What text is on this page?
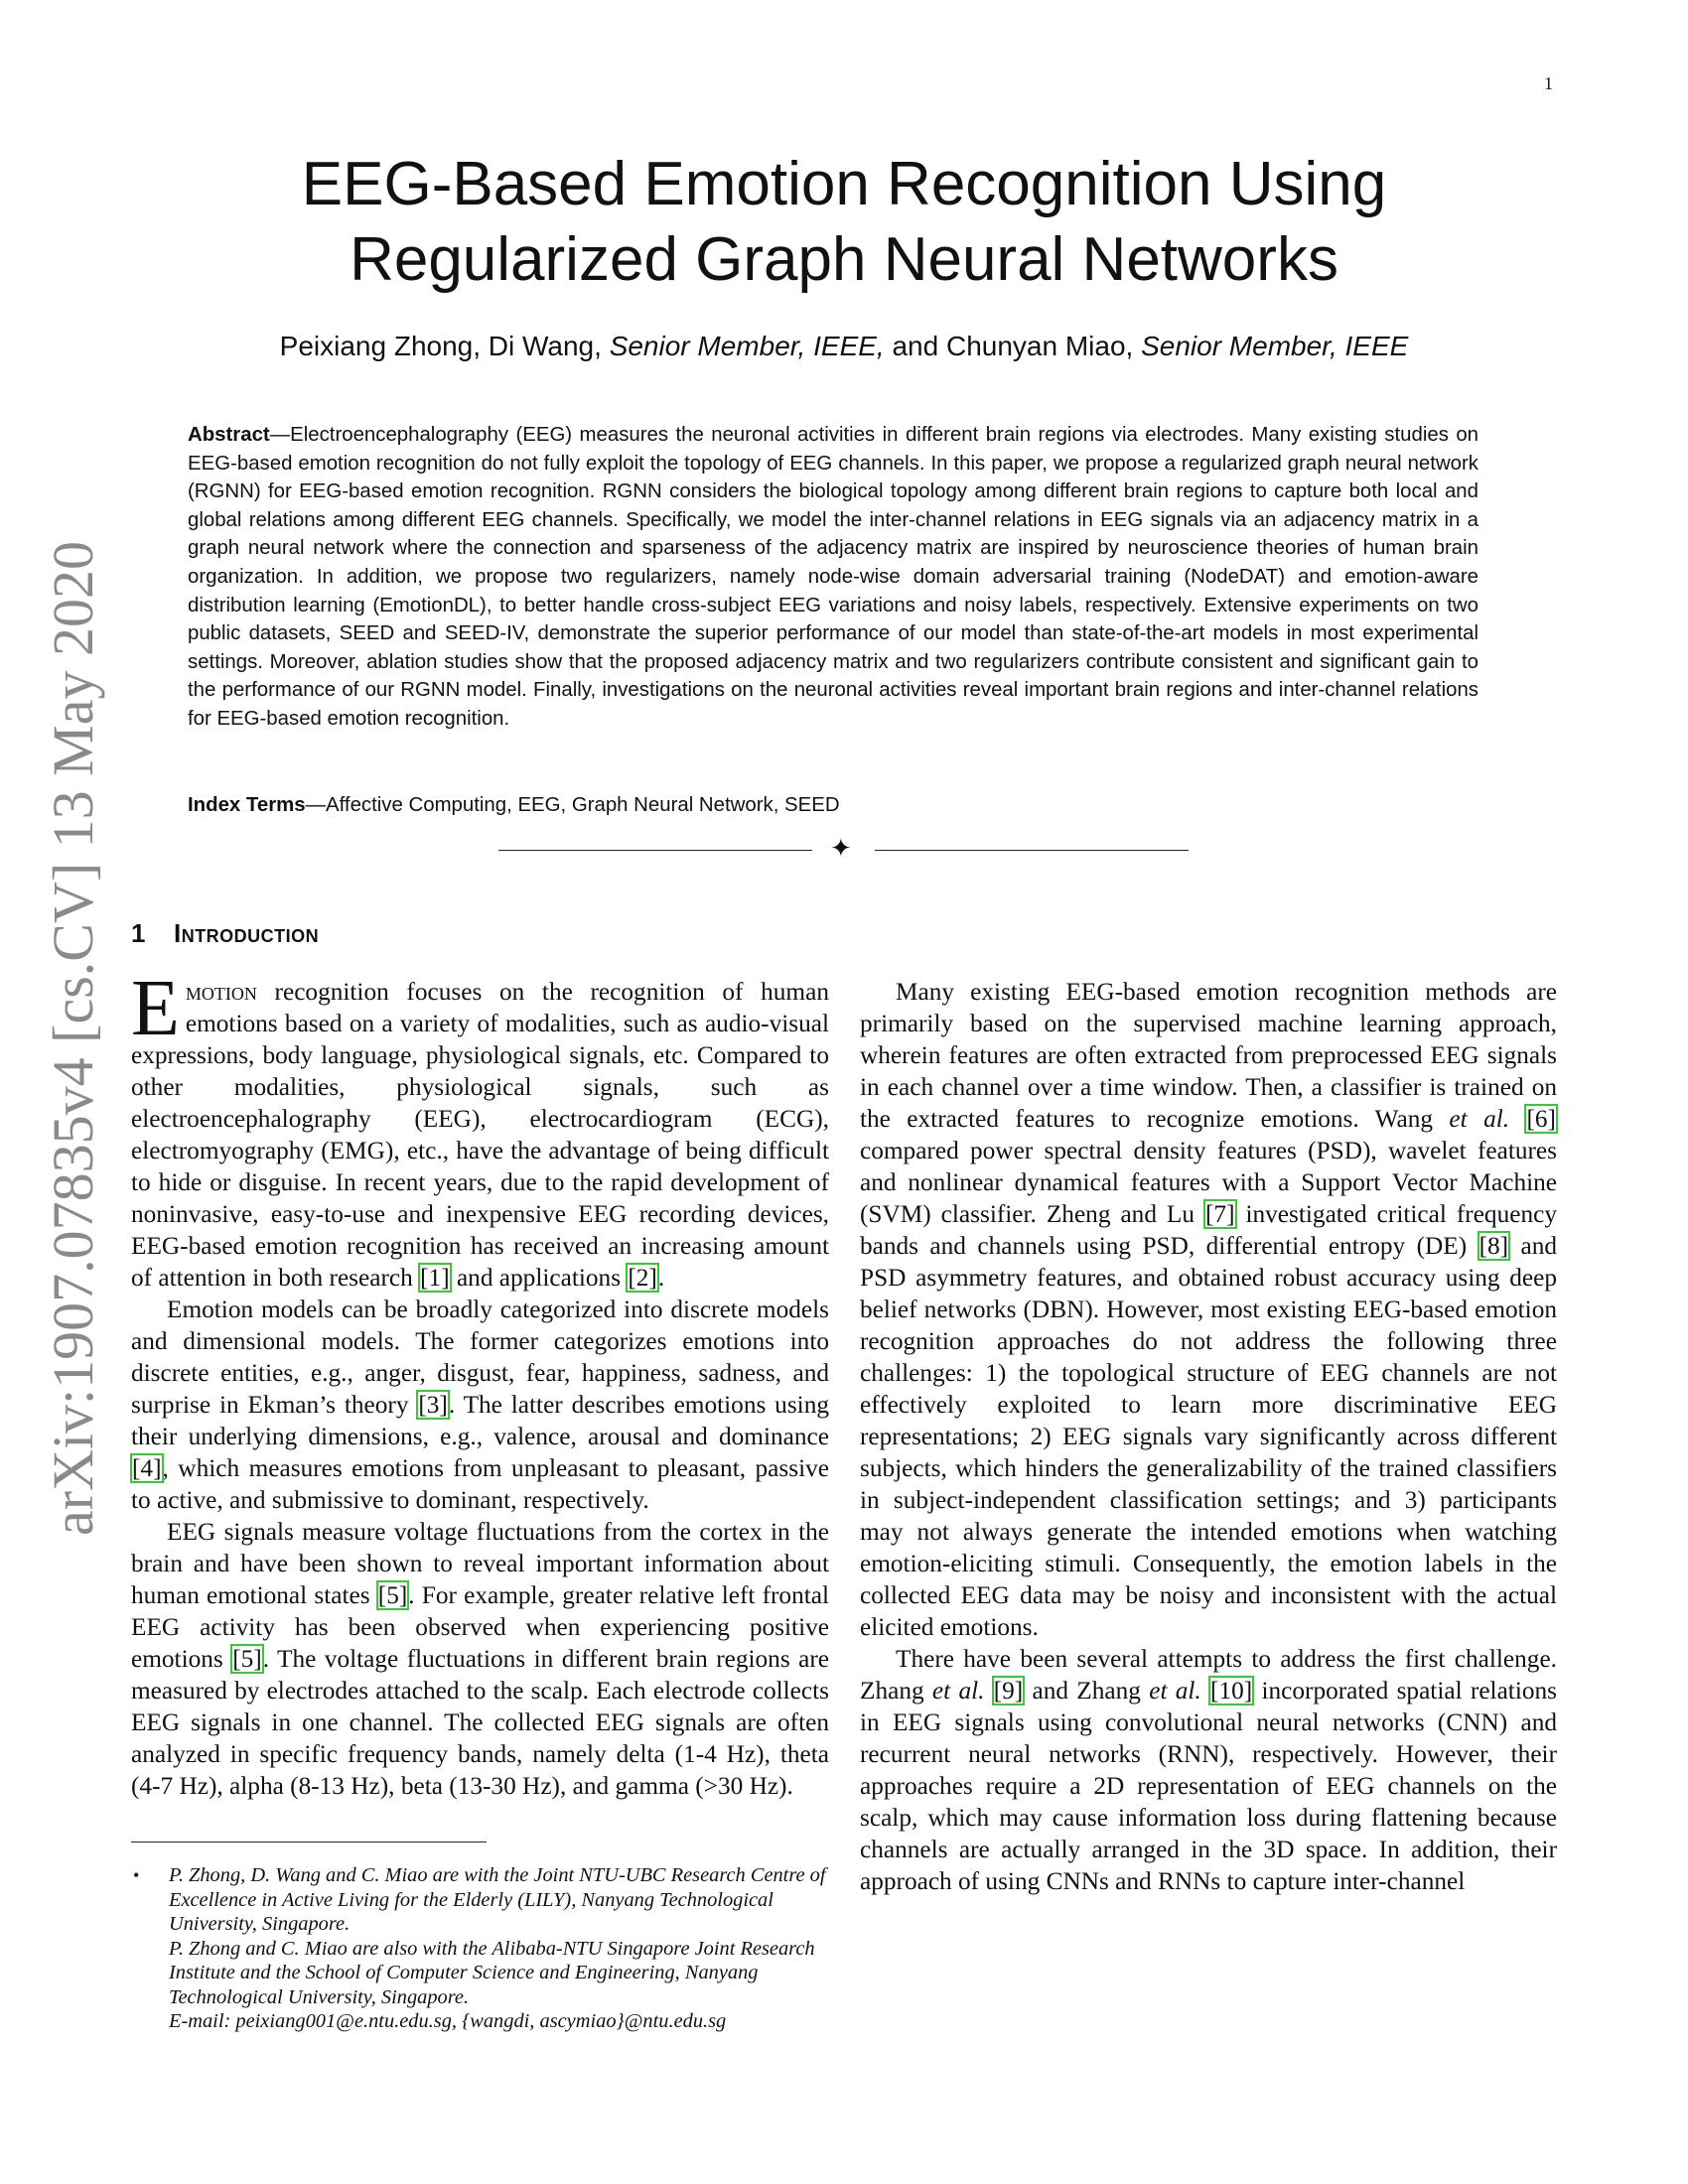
1
EEG-Based Emotion Recognition Using
Regularized Graph Neural Networks
Peixiang Zhong, Di Wang, Senior Member, IEEE, and Chunyan Miao, Senior Member, IEEE
Abstract—Electroencephalography (EEG) measures the neuronal activities in different brain regions via electrodes. Many existing studies on EEG-based emotion recognition do not fully exploit the topology of EEG channels. In this paper, we propose a regularized graph neural network (RGNN) for EEG-based emotion recognition. RGNN considers the biological topology among different brain regions to capture both local and global relations among different EEG channels. Specifically, we model the inter-channel relations in EEG signals via an adjacency matrix in a graph neural network where the connection and sparseness of the adjacency matrix are inspired by neuroscience theories of human brain organization. In addition, we propose two regularizers, namely node-wise domain adversarial training (NodeDAT) and emotion-aware distribution learning (EmotionDL), to better handle cross-subject EEG variations and noisy labels, respectively. Extensive experiments on two public datasets, SEED and SEED-IV, demonstrate the superior performance of our model than state-of-the-art models in most experimental settings. Moreover, ablation studies show that the proposed adjacency matrix and two regularizers contribute consistent and significant gain to the performance of our RGNN model. Finally, investigations on the neuronal activities reveal important brain regions and inter-channel relations for EEG-based emotion recognition.
Index Terms—Affective Computing, EEG, Graph Neural Network, SEED
✦
1 Introduction

Emotion recognition focuses on the recognition of human emotions based on a variety of modalities, such as audio-visual expressions, body language, physiological signals, etc. Compared to other modalities, physiological signals, such as electroencephalography (EEG), electrocardiogram (ECG), electromyography (EMG), etc., have the advantage of being difficult to hide or disguise. In recent years, due to the rapid development of noninvasive, easy-to-use and inexpensive EEG recording devices, EEG-based emotion recognition has received an increasing amount of attention in both research [1] and applications [2].

Emotion models can be broadly categorized into discrete models and dimensional models. The former categorizes emotions into discrete entities, e.g., anger, disgust, fear, happiness, sadness, and surprise in Ekman’s theory [3]. The latter describes emotions using their underlying dimensions, e.g., valence, arousal and dominance [4], which measures emotions from unpleasant to pleasant, passive to active, and submissive to dominant, respectively.

EEG signals measure voltage fluctuations from the cortex in the brain and have been shown to reveal important information about human emotional states [5]. For example, greater relative left frontal EEG activity has been observed when experiencing positive emotions [5]. The voltage fluctuations in different brain regions are measured by electrodes attached to the scalp. Each electrode collects EEG signals in one channel. The collected EEG signals are often analyzed in specific frequency bands, namely delta (1-4 Hz), theta (4-7 Hz), alpha (8-13 Hz), beta (13-30 Hz), and gamma (>30 Hz).

Many existing EEG-based emotion recognition methods are primarily based on the supervised machine learning approach, wherein features are often extracted from preprocessed EEG signals in each channel over a time window. Then, a classifier is trained on the extracted features to recognize emotions. Wang et al. [6] compared power spectral density features (PSD), wavelet features and nonlinear dynamical features with a Support Vector Machine (SVM) classifier. Zheng and Lu [7] investigated critical frequency bands and channels using PSD, differential entropy (DE) [8] and PSD asymmetry features, and obtained robust accuracy using deep belief networks (DBN). However, most existing EEG-based emotion recognition approaches do not address the following three challenges: 1) the topological structure of EEG channels are not effectively exploited to learn more discriminative EEG representations; 2) EEG signals vary significantly across different subjects, which hinders the generalizability of the trained classifiers in subject-independent classification settings; and 3) participants may not always generate the intended emotions when watching emotion-eliciting stimuli. Consequently, the emotion labels in the collected EEG data may be noisy and inconsistent with the actual elicited emotions.

There have been several attempts to address the first challenge. Zhang et al. [9] and Zhang et al. [10] incorporated spatial relations in EEG signals using convolutional neural networks (CNN) and recurrent neural networks (RNN), respectively. However, their approaches require a 2D representation of EEG channels on the scalp, which may cause information loss during flattening because channels are actually arranged in the 3D space. In addition, their approach of using CNNs and RNNs to capture inter-channel

• P. Zhong, D. Wang and C. Miao are with the Joint NTU-UBC Research Centre of Excellence in Active Living for the Elderly (LILY), Nanyang Technological University, Singapore.
P. Zhong and C. Miao are also with the Alibaba-NTU Singapore Joint Research Institute and the School of Computer Science and Engineering, Nanyang Technological University, Singapore.
E-mail: peixiang001@e.ntu.edu.sg, {wangdi, ascymiao}@ntu.edu.sg
arXiv:1907.07835v4 [cs.CV] 13 May 2020
